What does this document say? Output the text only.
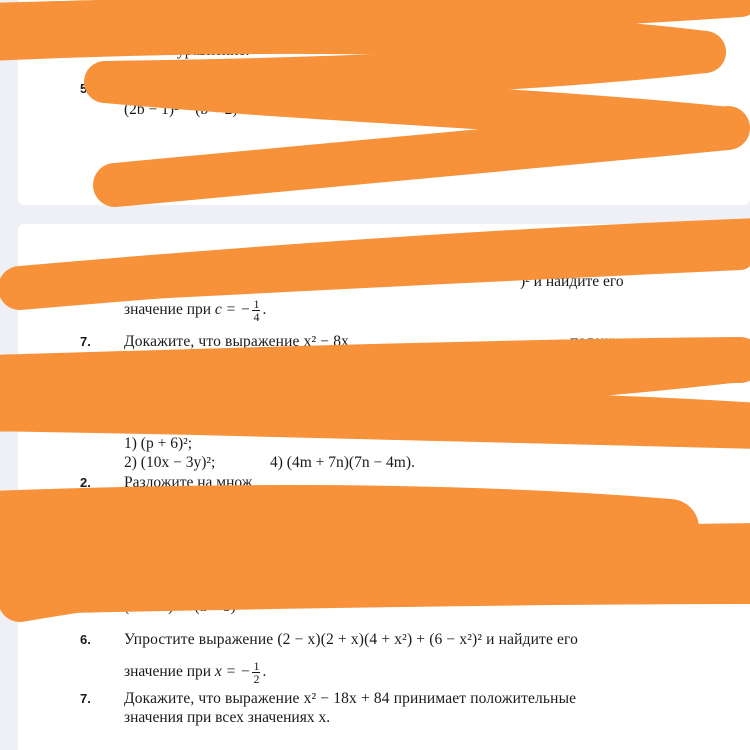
15a² − 24ab + 9b².
4. Решите уравнение:
5	ачение:
(2b − 1)² − (b + 2)².
160
)² и найдите его
значение при c = − $\frac{1}{4}$ .
7. Докажите, что выражение x² − 8x	положительные
Вариант 4
1) (p + 6)²;
2) (10x − 3y)²;	4) (4m + 7n)(7n − 4m).
2. Разложите на множ
4. Решите
(5a + 1)² − (a + 5)²
6. Упростите выражение (2 − x)(2 + x)(4 + x²) + (6 − x²)² и найдите его
значение при x = − $\frac{1}{2}$ .
7. Докажите, что выражение x² − 18x + 84 принимает положительные
значения при всех значениях x.
